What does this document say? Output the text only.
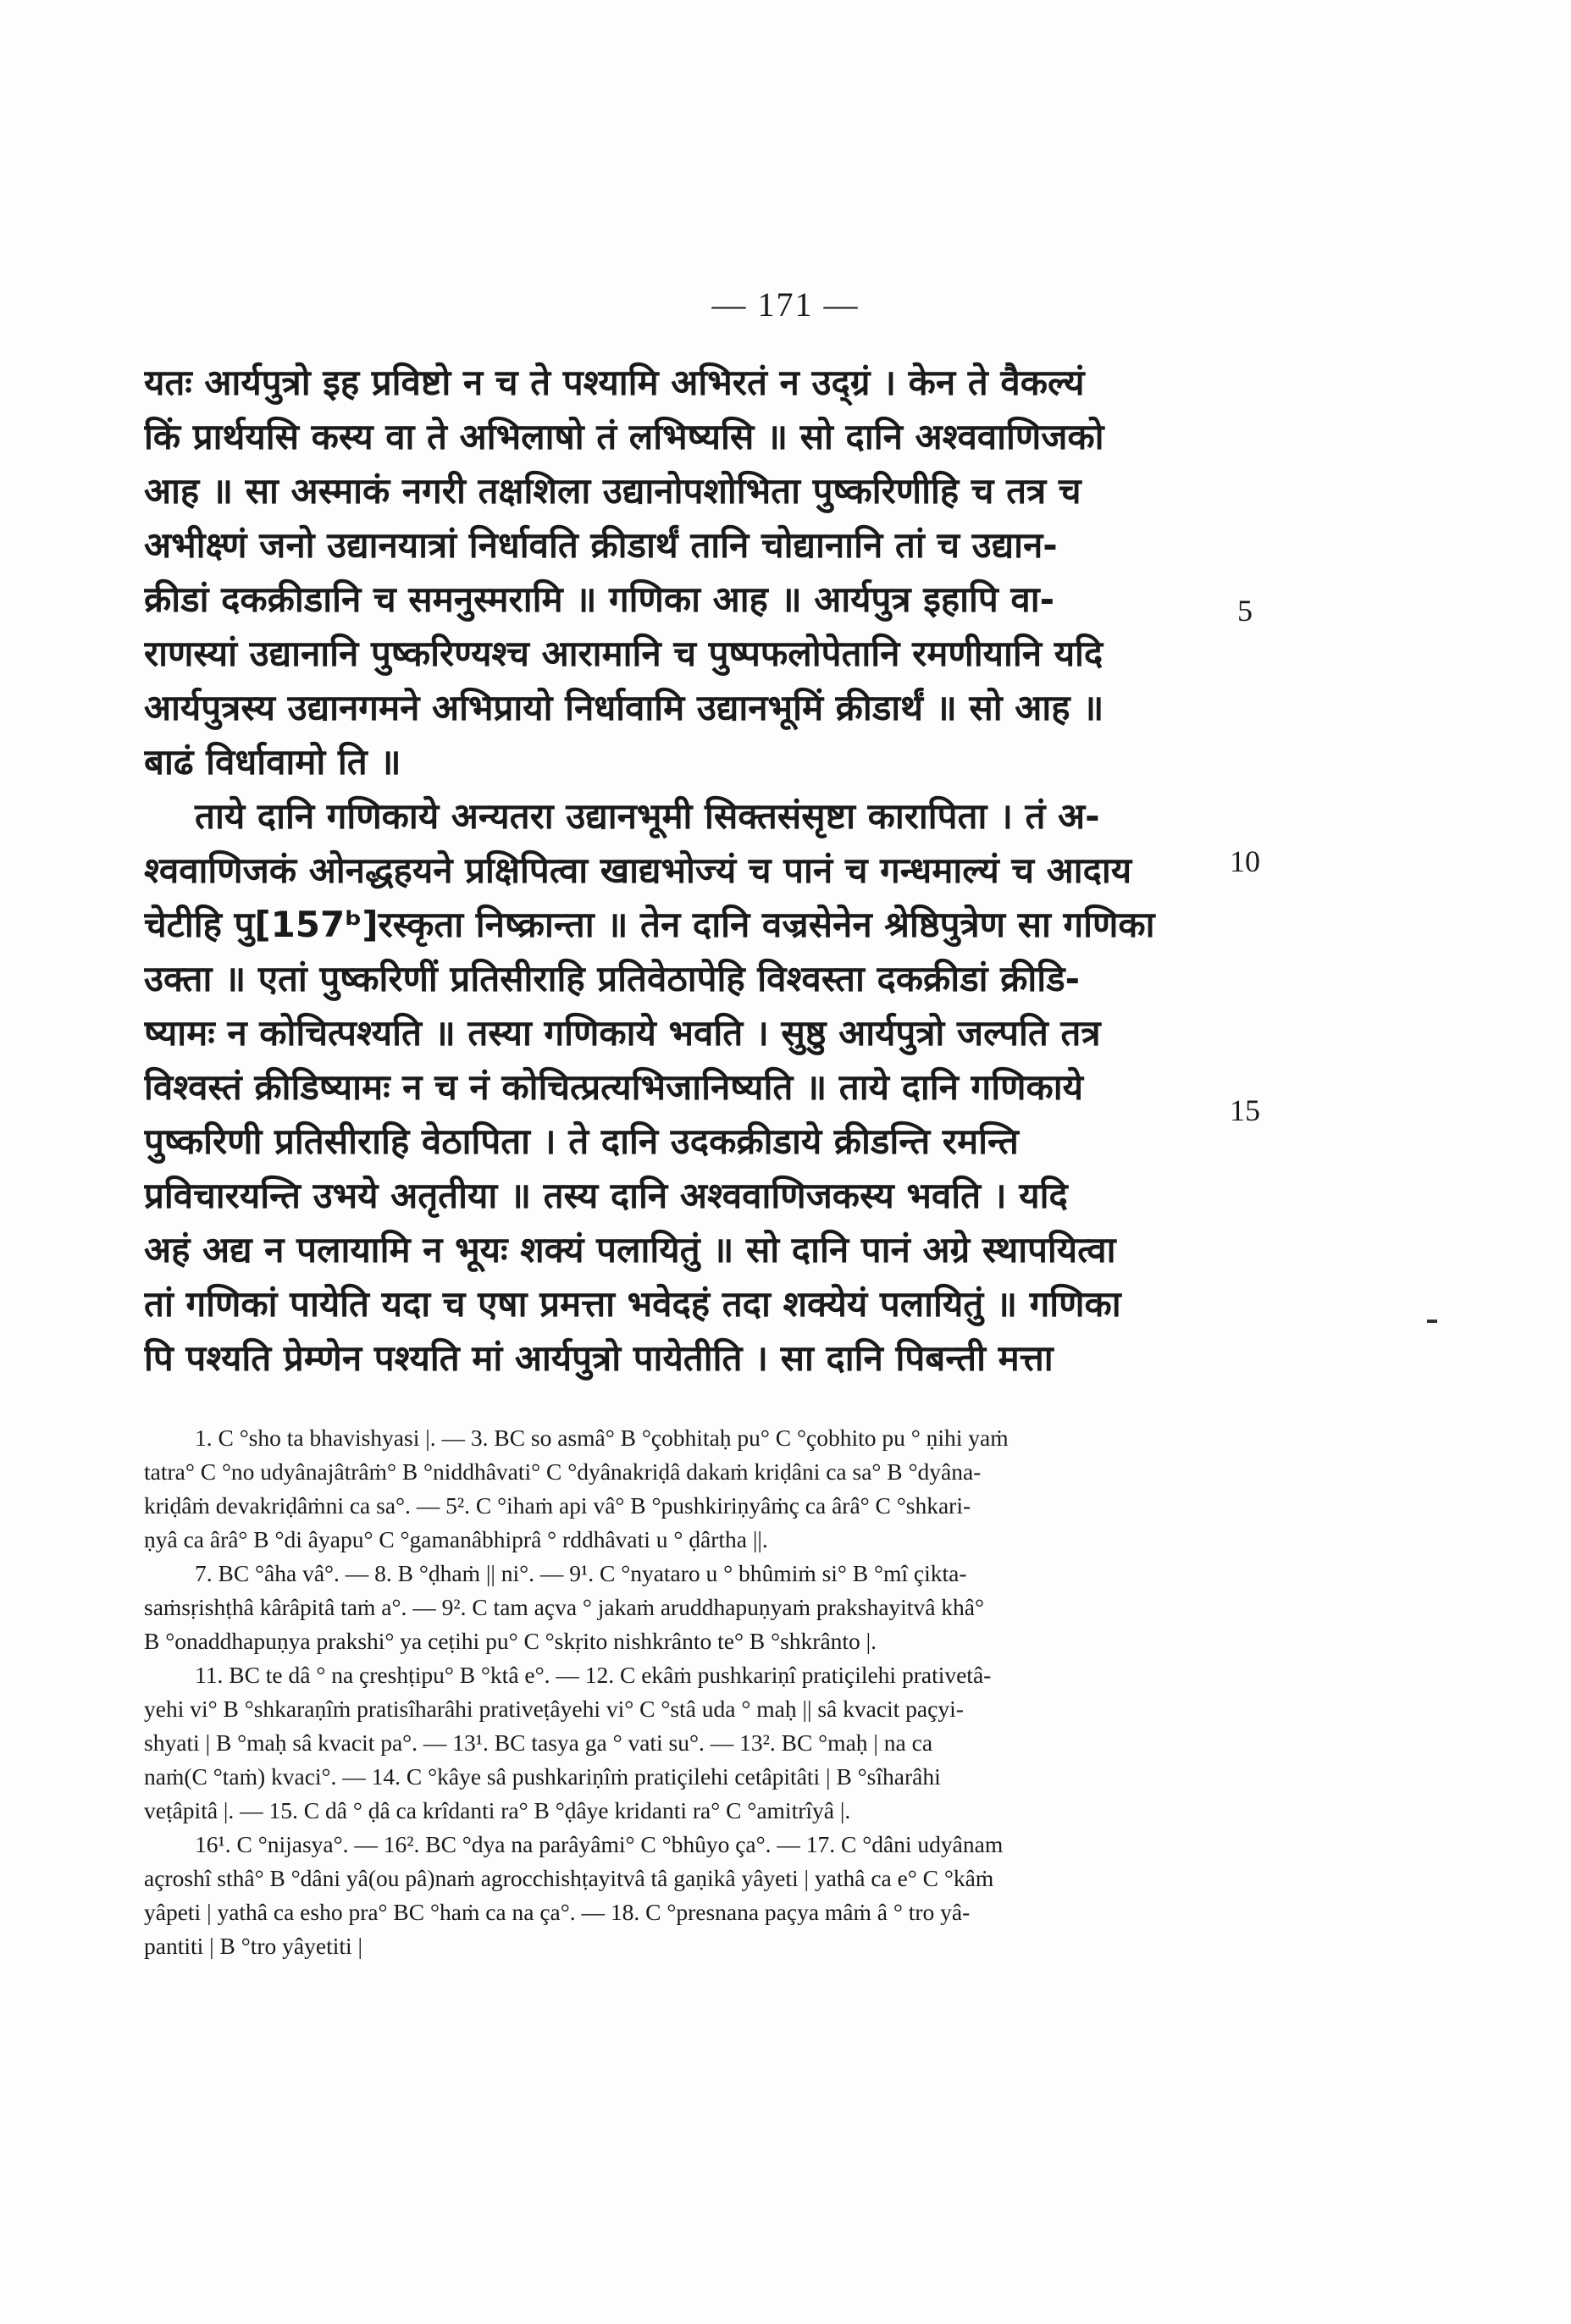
— 171 —
यतः आर्यपुत्रो इह प्रविष्टो न च ते पश्यामि अभिरतं न उद्ग्रं । केन ते वैकल्यं
किं प्रार्थयसि कस्य वा ते अभिलाषो तं लभिष्यसि ॥ सो दानि अश्ववाणिजको
आह ॥ सा अस्माकं नगरी तक्षशिला उद्यानोपशोभिता पुष्करिणीहि च तत्र च
अभीक्ष्णं जनो उद्यानयात्रां निर्धावति क्रीडार्थं तानि चोद्यानानि तां च उद्यान-
क्रीडां दकक्रीडानि च समनुस्मरामि ॥ गणिका आह ॥ आर्यपुत्र इहापि वा-
राणस्यां उद्यानानि पुष्करिण्यश्च आरामानि च पुष्पफलोपेतानि रमणीयानि यदि
आर्यपुत्रस्य उद्यानगमने अभिप्रायो निर्धावामि उद्यानभूमिं क्रीडार्थं ॥ सो आह ॥
बाढं विर्धावामो ति ॥
ताये दानि गणिकाये अन्यतरा उद्यानभूमी सिक्तसंसृष्टा कारापिता । तं अ-
श्ववाणिजकं ओनद्धहयने प्रक्षिपित्वा खाद्यभोज्यं च पानं च गन्धमाल्यं च आदाय
चेटीहि पु[157ᵇ]रस्कृता निष्क्रान्ता ॥ तेन दानि वज्रसेनेन श्रेष्ठिपुत्रेण सा गणिका
उक्ता ॥ एतां पुष्करिणीं प्रतिसीराहि प्रतिवेठापेहि विश्वस्ता दकक्रीडां क्रीडि-
ष्यामः न कोचित्पश्यति ॥ तस्या गणिकाये भवति । सुष्ठु आर्यपुत्रो जल्पति तत्र
विश्वस्तं क्रीडिष्यामः न च नं कोचित्प्रत्यभिजानिष्यति ॥ ताये दानि गणिकाये
पुष्करिणी प्रतिसीराहि वेठापिता । ते दानि उदकक्रीडाये क्रीडन्ति रमन्ति
प्रविचारयन्ति उभये अतृतीया ॥ तस्य दानि अश्ववाणिजकस्य भवति । यदि
अहं अद्य न पलायामि न भूयः शक्यं पलायितुं ॥ सो दानि पानं अग्रे स्थापयित्वा
तां गणिकां पायेति यदा च एषा प्रमत्ता भवेदहं तदा शक्येयं पलायितुं ॥ गणिका
पि पश्यति प्रेम्णेन पश्यति मां आर्यपुत्रो पायेतीति । सा दानि पिबन्ती मत्ता
5
10
15
1. C °sho ta bhavishyasi |. — 3. BC so asmâ° B °çobhitaḥ pu° C °çobhito pu ° ṇihi yaṁ
tatra° C °no udyânajâtrâṁ° B °niddhâvati° C °dyânakriḍâ dakaṁ kriḍâni ca sa° B °dyâna-
kriḍâṁ devakriḍâṁni ca sa°. — 5². C °ihaṁ api vâ° B °pushkiriṇyâṁç ca ârâ° C °shkari-
ṇyâ ca ârâ° B °di âyapu° C °gamanâbhiprâ ° rddhâvati u ° ḍârtha ||.
7. BC °âha vâ°. — 8. B °ḍhaṁ || ni°. — 9¹. C °nyataro u ° bhûmiṁ si° B °mî çikta-
saṁsṛishṭhâ kârâpitâ taṁ a°. — 9². C tam açva ° jakaṁ aruddhapuṇyaṁ prakshayitvâ khâ°
B °onaddhapuṇya prakshi° ya ceṭihi pu° C °skṛito nishkrânto te° B °shkrânto |.
11. BC te dâ ° na çreshṭipu° B °ktâ e°. — 12. C ekâṁ pushkariṇî pratiçilehi prativetâ-
yehi vi° B °shkaraṇîṁ pratisîharâhi prativeṭâyehi vi° C °stâ uda ° maḥ || sâ kvacit paçyi-
shyati | B °maḥ sâ kvacit pa°. — 13¹. BC tasya ga ° vati su°. — 13². BC °maḥ | na ca
naṁ(C °taṁ) kvaci°. — 14. C °kâye sâ pushkariṇîṁ pratiçilehi cetâpitâti | B °sîharâhi
veṭâpitâ |. — 15. C dâ ° ḍâ ca krîdanti ra° B °ḍâye kridanti ra° C °amitrîyâ |.
16¹. C °nijasya°. — 16². BC °dya na parâyâmi° C °bhûyo ça°. — 17. C °dâni udyânam
açroshî sthâ° B °dâni yâ(ou pâ)naṁ agrocchishṭayitvâ tâ gaṇikâ yâyeti | yathâ ca e° C °kâṁ
yâpeti | yathâ ca esho pra° BC °haṁ ca na ça°. — 18. C °presnana paçya mâṁ â ° tro yâ-
pantiti | B °tro yâyetiti |
